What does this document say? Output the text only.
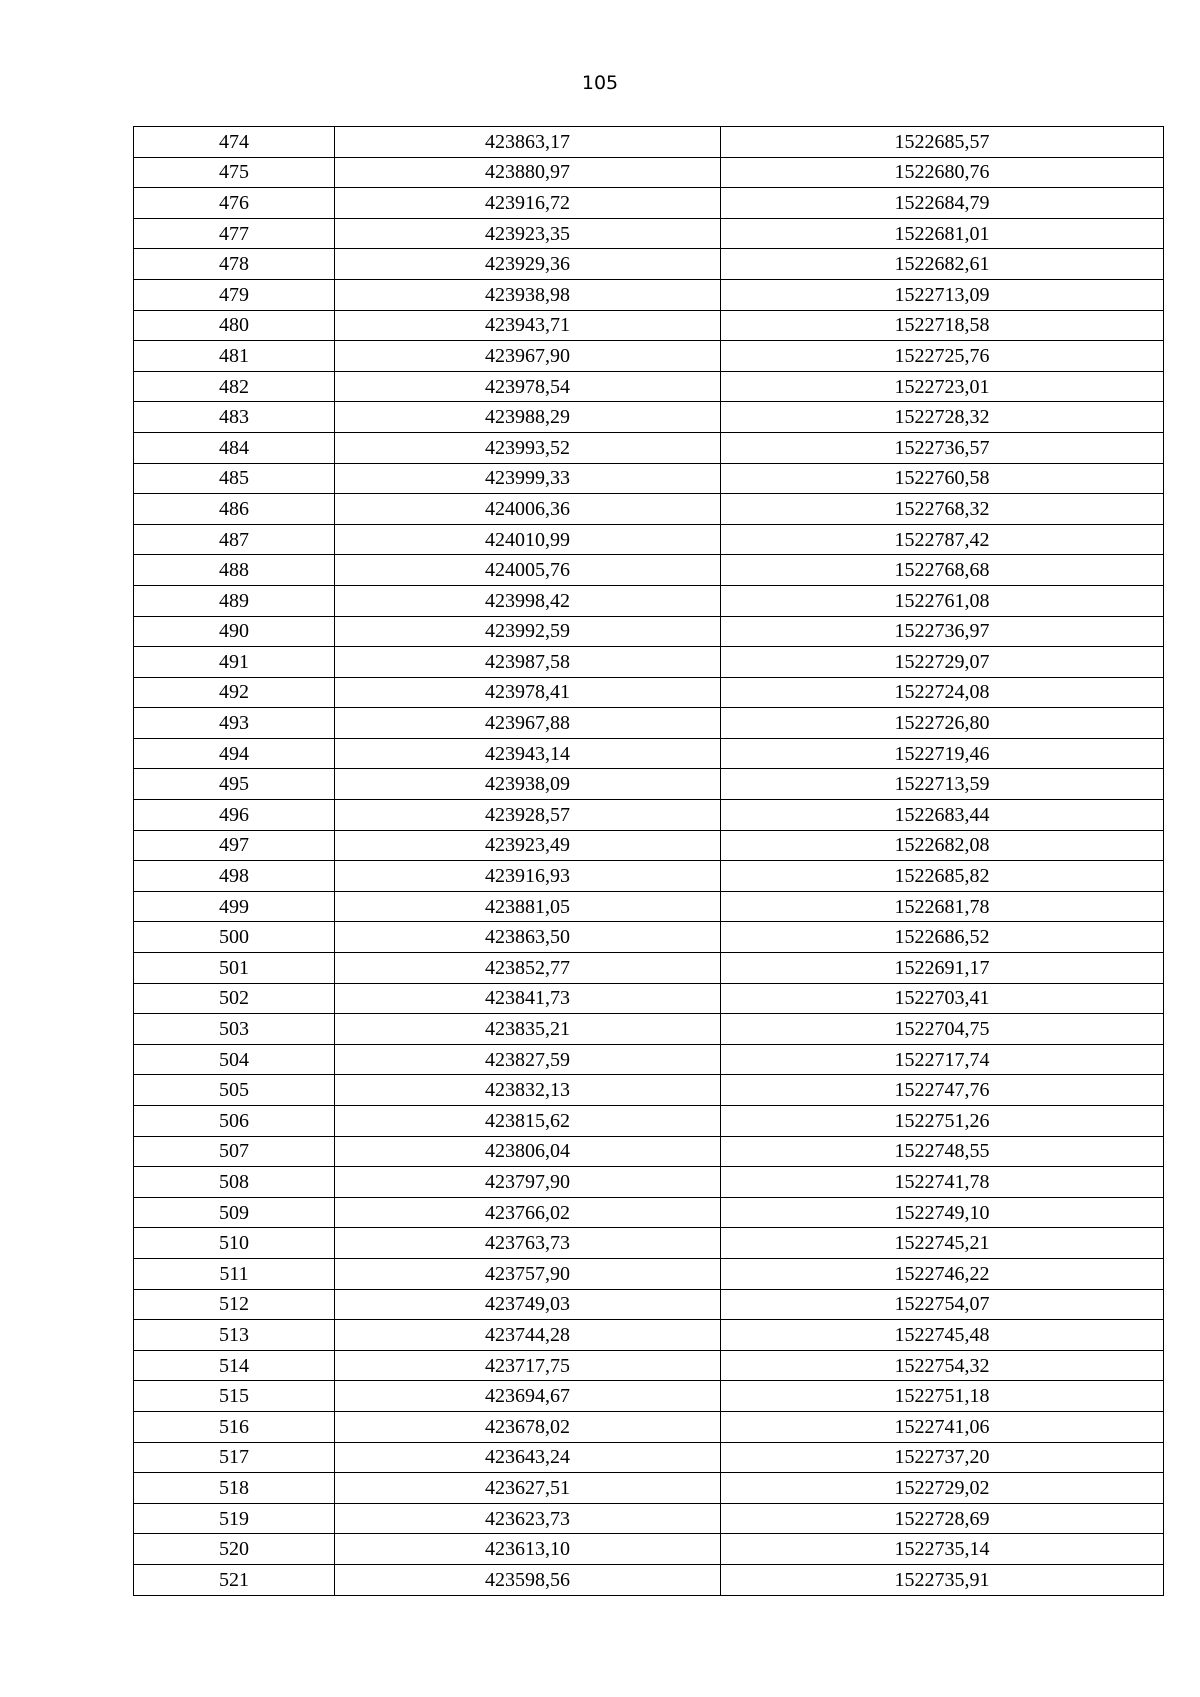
105
474	423863,17	1522685,57
475	423880,97	1522680,76
476	423916,72	1522684,79
477	423923,35	1522681,01
478	423929,36	1522682,61
479	423938,98	1522713,09
480	423943,71	1522718,58
481	423967,90	1522725,76
482	423978,54	1522723,01
483	423988,29	1522728,32
484	423993,52	1522736,57
485	423999,33	1522760,58
486	424006,36	1522768,32
487	424010,99	1522787,42
488	424005,76	1522768,68
489	423998,42	1522761,08
490	423992,59	1522736,97
491	423987,58	1522729,07
492	423978,41	1522724,08
493	423967,88	1522726,80
494	423943,14	1522719,46
495	423938,09	1522713,59
496	423928,57	1522683,44
497	423923,49	1522682,08
498	423916,93	1522685,82
499	423881,05	1522681,78
500	423863,50	1522686,52
501	423852,77	1522691,17
502	423841,73	1522703,41
503	423835,21	1522704,75
504	423827,59	1522717,74
505	423832,13	1522747,76
506	423815,62	1522751,26
507	423806,04	1522748,55
508	423797,90	1522741,78
509	423766,02	1522749,10
510	423763,73	1522745,21
511	423757,90	1522746,22
512	423749,03	1522754,07
513	423744,28	1522745,48
514	423717,75	1522754,32
515	423694,67	1522751,18
516	423678,02	1522741,06
517	423643,24	1522737,20
518	423627,51	1522729,02
519	423623,73	1522728,69
520	423613,10	1522735,14
521	423598,56	1522735,91
